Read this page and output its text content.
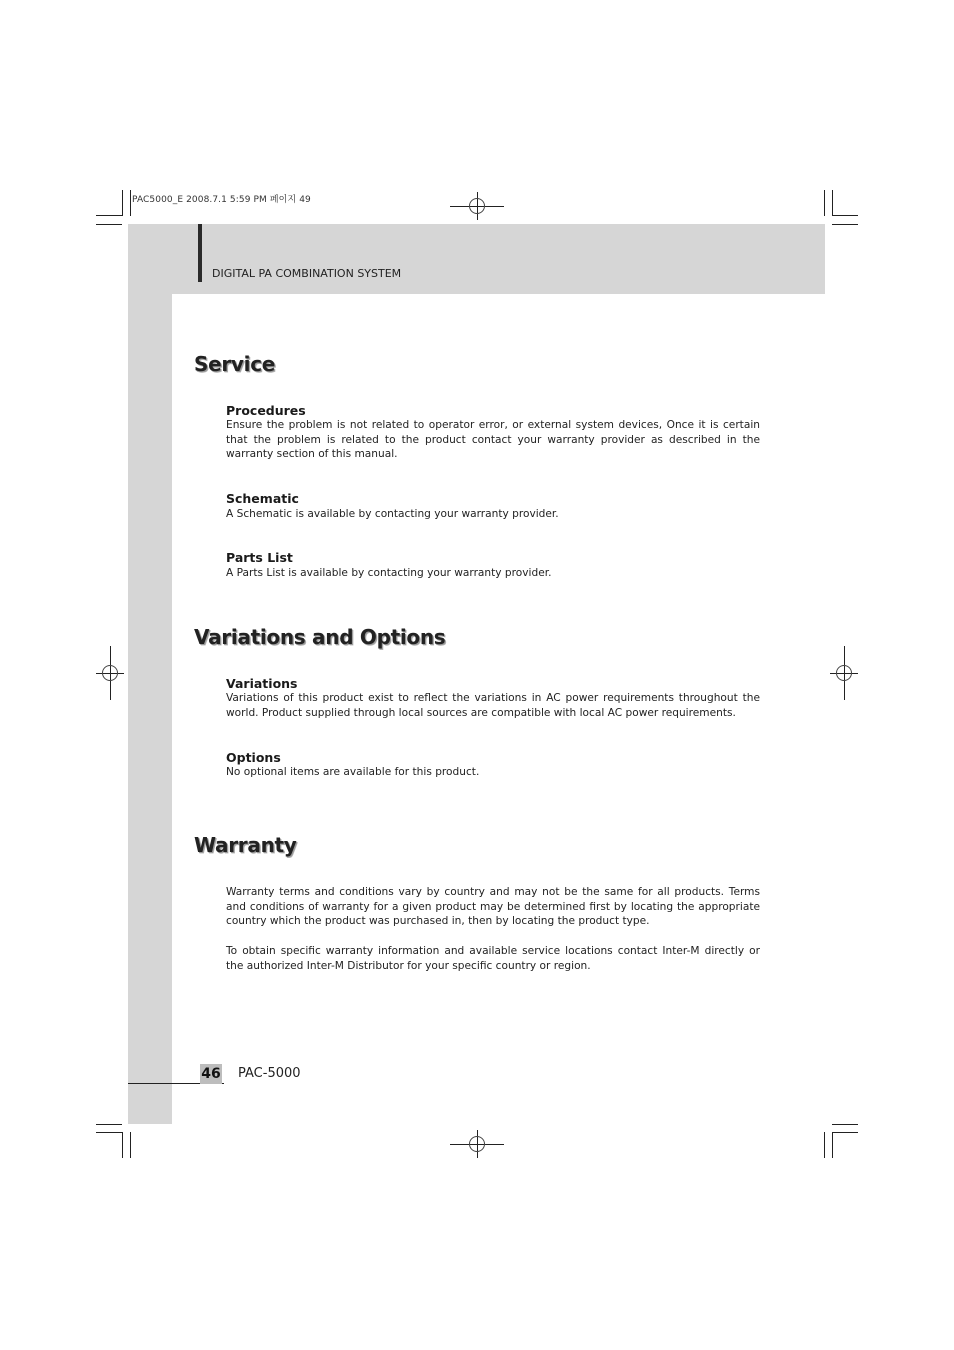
PAC5000_E 2008.7.1 5:59 PM 페이지 49
DIGITAL PA COMBINATION SYSTEM
Service
Procedures

Ensure the problem is not related to operator error, or external system devices, Once it is certain that the problem is related to the product contact your warranty provider as described in the warranty section of this manual.

Schematic

A Schematic is available by contacting your warranty provider.

Parts List

A Parts List is available by contacting your warranty provider.

Variations and Options
Variations

Variations of this product exist to reflect the variations in AC power requirements throughout the world. Product supplied through local sources are compatible with local AC power requirements.

Options

No optional items are available for this product.

Warranty

Warranty terms and conditions vary by country and may not be the same for all products. Terms and conditions of warranty for a given product may be determined first by locating the appropriate country which the product was purchased in, then by locating the product type.

To obtain specific warranty information and available service locations contact Inter-M directly or the authorized Inter-M Distributor for your specific country or region.

46 PAC-5000
